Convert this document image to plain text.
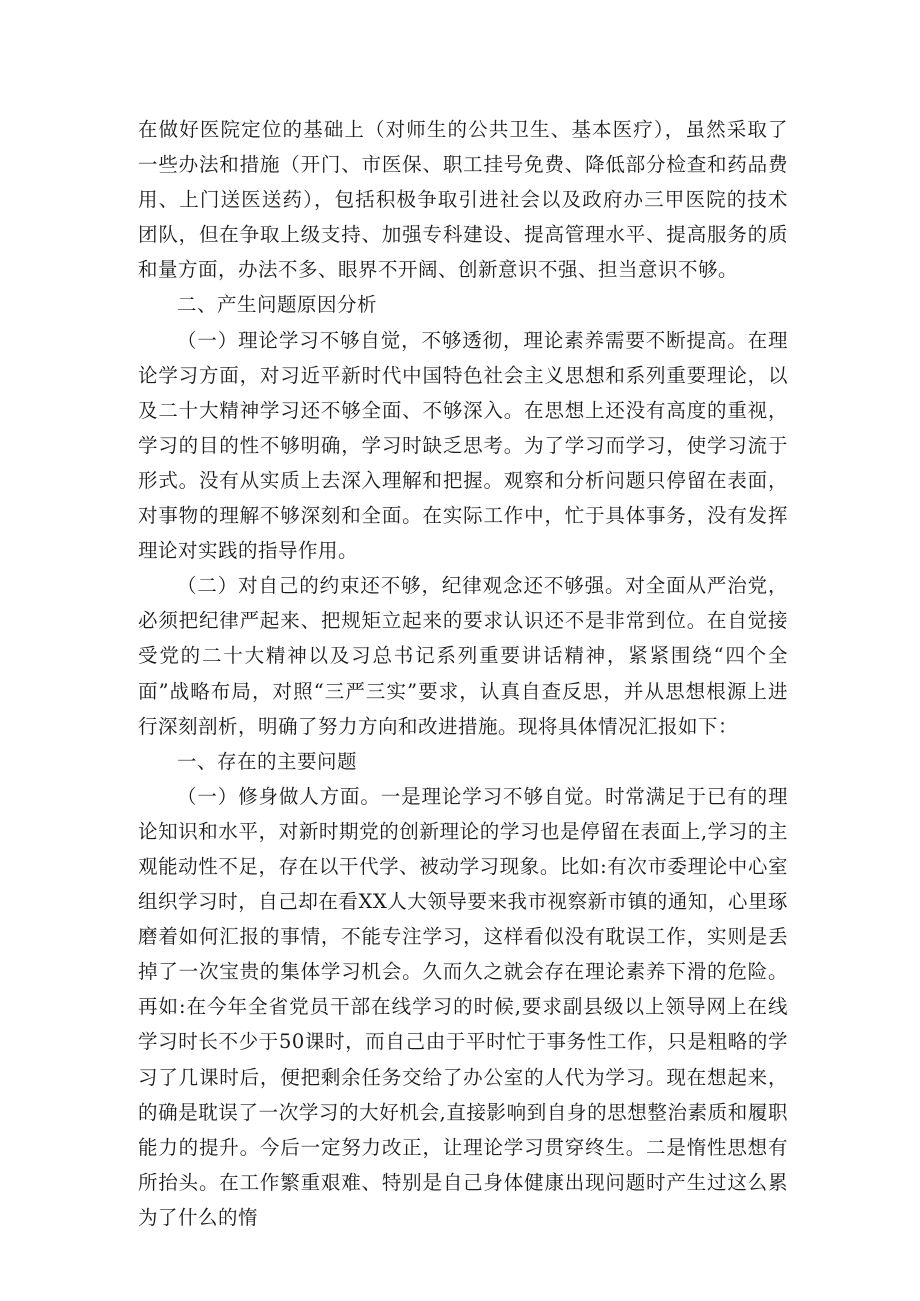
在做好医院定位的基础上（对师生的公共卫生、基本医疗），虽然采取了一些办法和措施（开门、市医保、职工挂号免费、降低部分检查和药品费用、上门送医送药），包括积极争取引进社会以及政府办三甲医院的技术团队，但在争取上级支持、加强专科建设、提高管理水平、提高服务的质和量方面，办法不多、眼界不开阔、创新意识不强、担当意识不够。

二、产生问题原因分析

（一）理论学习不够自觉，不够透彻，理论素养需要不断提高。在理论学习方面，对习近平新时代中国特色社会主义思想和系列重要理论，以及二十大精神学习还不够全面、不够深入。在思想上还没有高度的重视，学习的目的性不够明确，学习时缺乏思考。为了学习而学习，使学习流于形式。没有从实质上去深入理解和把握。观察和分析问题只停留在表面，对事物的理解不够深刻和全面。在实际工作中，忙于具体事务，没有发挥理论对实践的指导作用。

（二）对自己的约束还不够，纪律观念还不够强。对全面从严治党，必须把纪律严起来、把规矩立起来的要求认识还不是非常到位。在自觉接受党的二十大精神以及习总书记系列重要讲话精神，紧紧围绕“四个全面”战略布局，对照“三严三实”要求，认真自查反思，并从思想根源上进行深刻剖析，明确了努力方向和改进措施。现将具体情况汇报如下：

一、存在的主要问题

（一）修身做人方面。一是理论学习不够自觉。时常满足于已有的理论知识和水平，对新时期党的创新理论的学习也是停留在表面上,学习的主观能动性不足，存在以干代学、被动学习现象。比如:有次市委理论中心室组织学习时，自己却在看XX人大领导要来我市视察新市镇的通知，心里琢磨着如何汇报的事情，不能专注学习，这样看似没有耽误工作，实则是丢掉了一次宝贵的集体学习机会。久而久之就会存在理论素养下滑的危险。再如:在今年全省党员干部在线学习的时候,要求副县级以上领导网上在线学习时长不少于50课时，而自己由于平时忙于事务性工作，只是粗略的学习了几课时后，便把剩余任务交给了办公室的人代为学习。现在想起来，的确是耽误了一次学习的大好机会,直接影响到自身的思想整治素质和履职能力的提升。今后一定努力改正，让理论学习贯穿终生。二是惰性思想有所抬头。在工作繁重艰难、特别是自己身体健康出现问题时产生过这么累为了什么的惰
